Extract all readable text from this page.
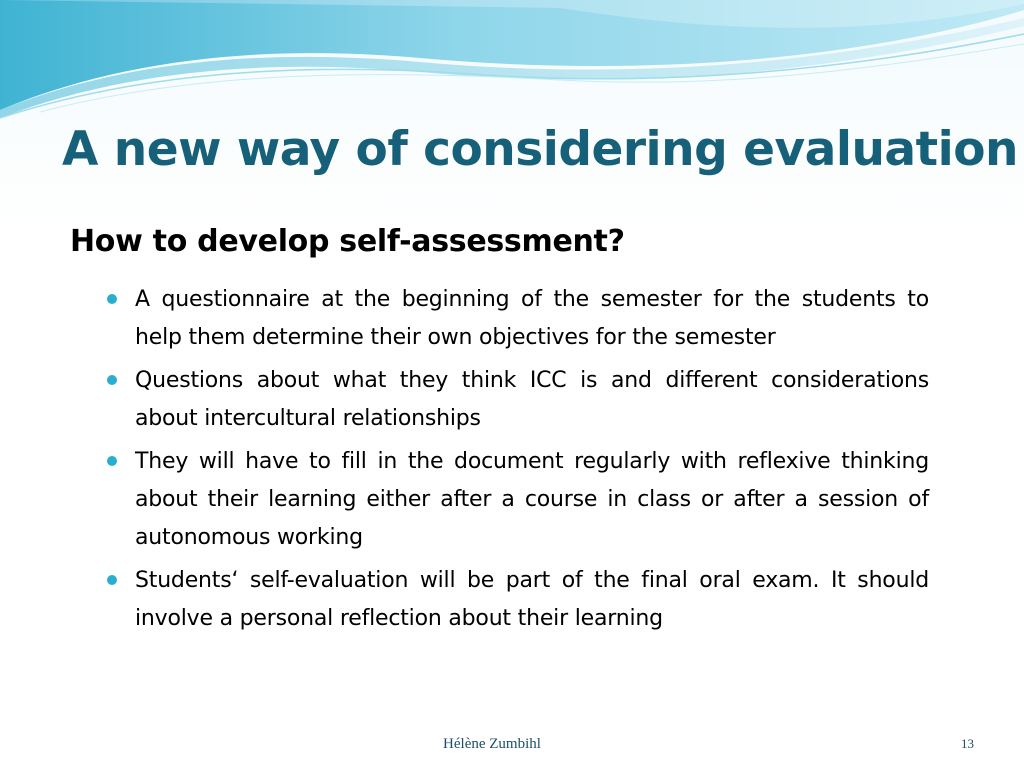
A new way of considering evaluation
How to develop self-assessment?
A questionnaire at the beginning of the semester for the students to help them determine their own objectives for the semester
Questions about what they think ICC is and different considerations about intercultural relationships
They will have to fill in the document regularly with reflexive thinking about their learning either after a course in class or after a session of autonomous working
Students‘ self-evaluation will be part of the final oral exam. It should involve a personal reflection about their learning
Hélène Zumbihl	13
